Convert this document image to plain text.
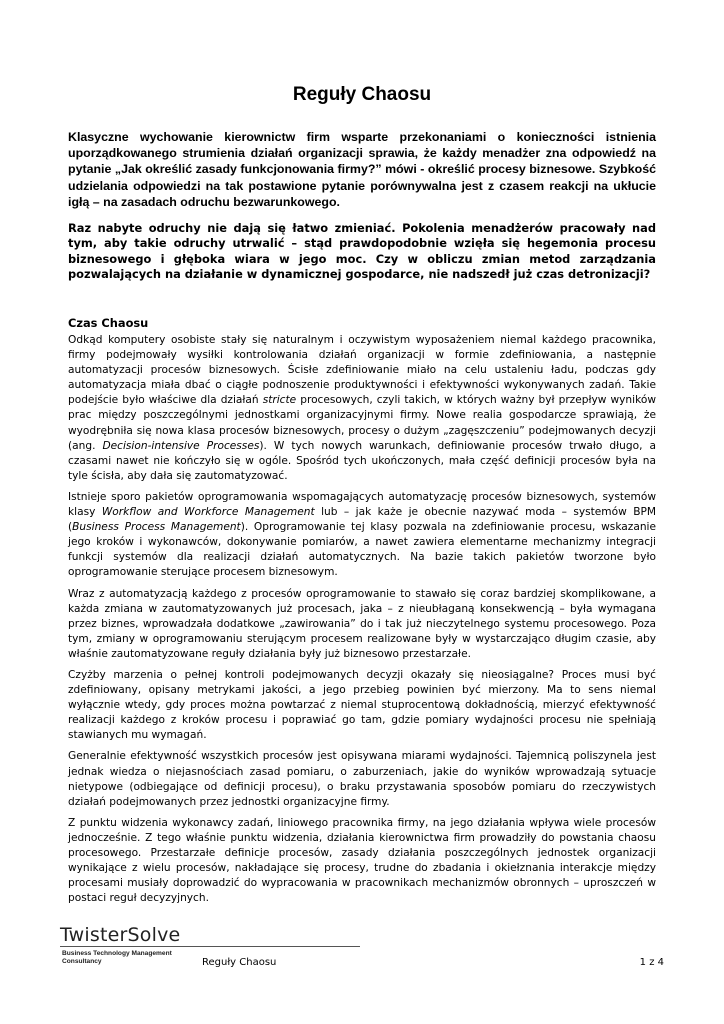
Reguły Chaosu
Klasyczne wychowanie kierownictw firm wsparte przekonaniami o konieczności istnienia uporządkowanego strumienia działań organizacji sprawia, że każdy menadżer zna odpowiedź na pytanie „Jak określić zasady funkcjonowania firmy?” mówi - określić procesy biznesowe. Szybkość udzielania odpowiedzi na tak postawione pytanie porównywalna jest z czasem reakcji na ukłucie igłą – na zasadach odruchu bezwarunkowego.
Raz nabyte odruchy nie dają się łatwo zmieniać. Pokolenia menadżerów pracowały nad tym, aby takie odruchy utrwalić – stąd prawdopodobnie wzięła się hegemonia procesu biznesowego i głęboka wiara w jego moc. Czy w obliczu zmian metod zarządzania pozwalających na działanie w dynamicznej gospodarce, nie nadszedł już czas detronizacji?
Czas Chaosu

Odkąd komputery osobiste stały się naturalnym i oczywistym wyposażeniem niemal każdego pracownika, firmy podejmowały wysiłki kontrolowania działań organizacji w formie zdefiniowania, a następnie automatyzacji procesów biznesowych. Ścisłe zdefiniowanie miało na celu ustaleniu ładu, podczas gdy automatyzacja miała dbać o ciągłe podnoszenie produktywności i efektywności wykonywanych zadań. Takie podejście było właściwe dla działań stricte procesowych, czyli takich, w których ważny był przepływ wyników prac między poszczególnymi jednostkami organizacyjnymi firmy. Nowe realia gospodarcze sprawiają, że wyodrębniła się nowa klasa procesów biznesowych, procesy o dużym „zagęszczeniu” podejmowanych decyzji (ang. Decision-intensive Processes). W tych nowych warunkach, definiowanie procesów trwało długo, a czasami nawet nie kończyło się w ogóle. Spośród tych ukończonych, mała część definicji procesów była na tyle ścisła, aby dała się zautomatyzować.

Istnieje sporo pakietów oprogramowania wspomagających automatyzację procesów biznesowych, systemów klasy Workflow and Workforce Management lub – jak każe je obecnie nazywać moda – systemów BPM (Business Process Management). Oprogramowanie tej klasy pozwala na zdefiniowanie procesu, wskazanie jego kroków i wykonawców, dokonywanie pomiarów, a nawet zawiera elementarne mechanizmy integracji funkcji systemów dla realizacji działań automatycznych. Na bazie takich pakietów tworzone było oprogramowanie sterujące procesem biznesowym.

Wraz z automatyzacją każdego z procesów oprogramowanie to stawało się coraz bardziej skomplikowane, a każda zmiana w zautomatyzowanych już procesach, jaka – z nieubłaganą konsekwencją – była wymagana przez biznes, wprowadzała dodatkowe „zawirowania” do i tak już nieczytelnego systemu procesowego. Poza tym, zmiany w oprogramowaniu sterującym procesem realizowane były w wystarczająco długim czasie, aby właśnie zautomatyzowane reguły działania były już biznesowo przestarzałe.

Czyżby marzenia o pełnej kontroli podejmowanych decyzji okazały się nieosiągalne? Proces musi być zdefiniowany, opisany metrykami jakości, a jego przebieg powinien być mierzony. Ma to sens niemal wyłącznie wtedy, gdy proces można powtarzać z niemal stuprocentową dokładnością, mierzyć efektywność realizacji każdego z kroków procesu i poprawiać go tam, gdzie pomiary wydajności procesu nie spełniają stawianych mu wymagań.

Generalnie efektywność wszystkich procesów jest opisywana miarami wydajności. Tajemnicą poliszynela jest jednak wiedza o niejasnościach zasad pomiaru, o zaburzeniach, jakie do wyników wprowadzają sytuacje nietypowe (odbiegające od definicji procesu), o braku przystawania sposobów pomiaru do rzeczywistych działań podejmowanych przez jednostki organizacyjne firmy.

Z punktu widzenia wykonawcy zadań, liniowego pracownika firmy, na jego działania wpływa wiele procesów jednocześnie. Z tego właśnie punktu widzenia, działania kierownictwa firm prowadziły do powstania chaosu procesowego. Przestarzałe definicje procesów, zasady działania poszczególnych jednostek organizacji wynikające z wielu procesów, nakładające się procesy, trudne do zbadania i okiełznania interakcje między procesami musiały doprowadzić do wypracowania w pracownikach mechanizmów obronnych – uproszczeń w postaci reguł decyzyjnych.

TwisterSolve
Business Technology Management
Consultancy	Reguły Chaosu	1 z 4
